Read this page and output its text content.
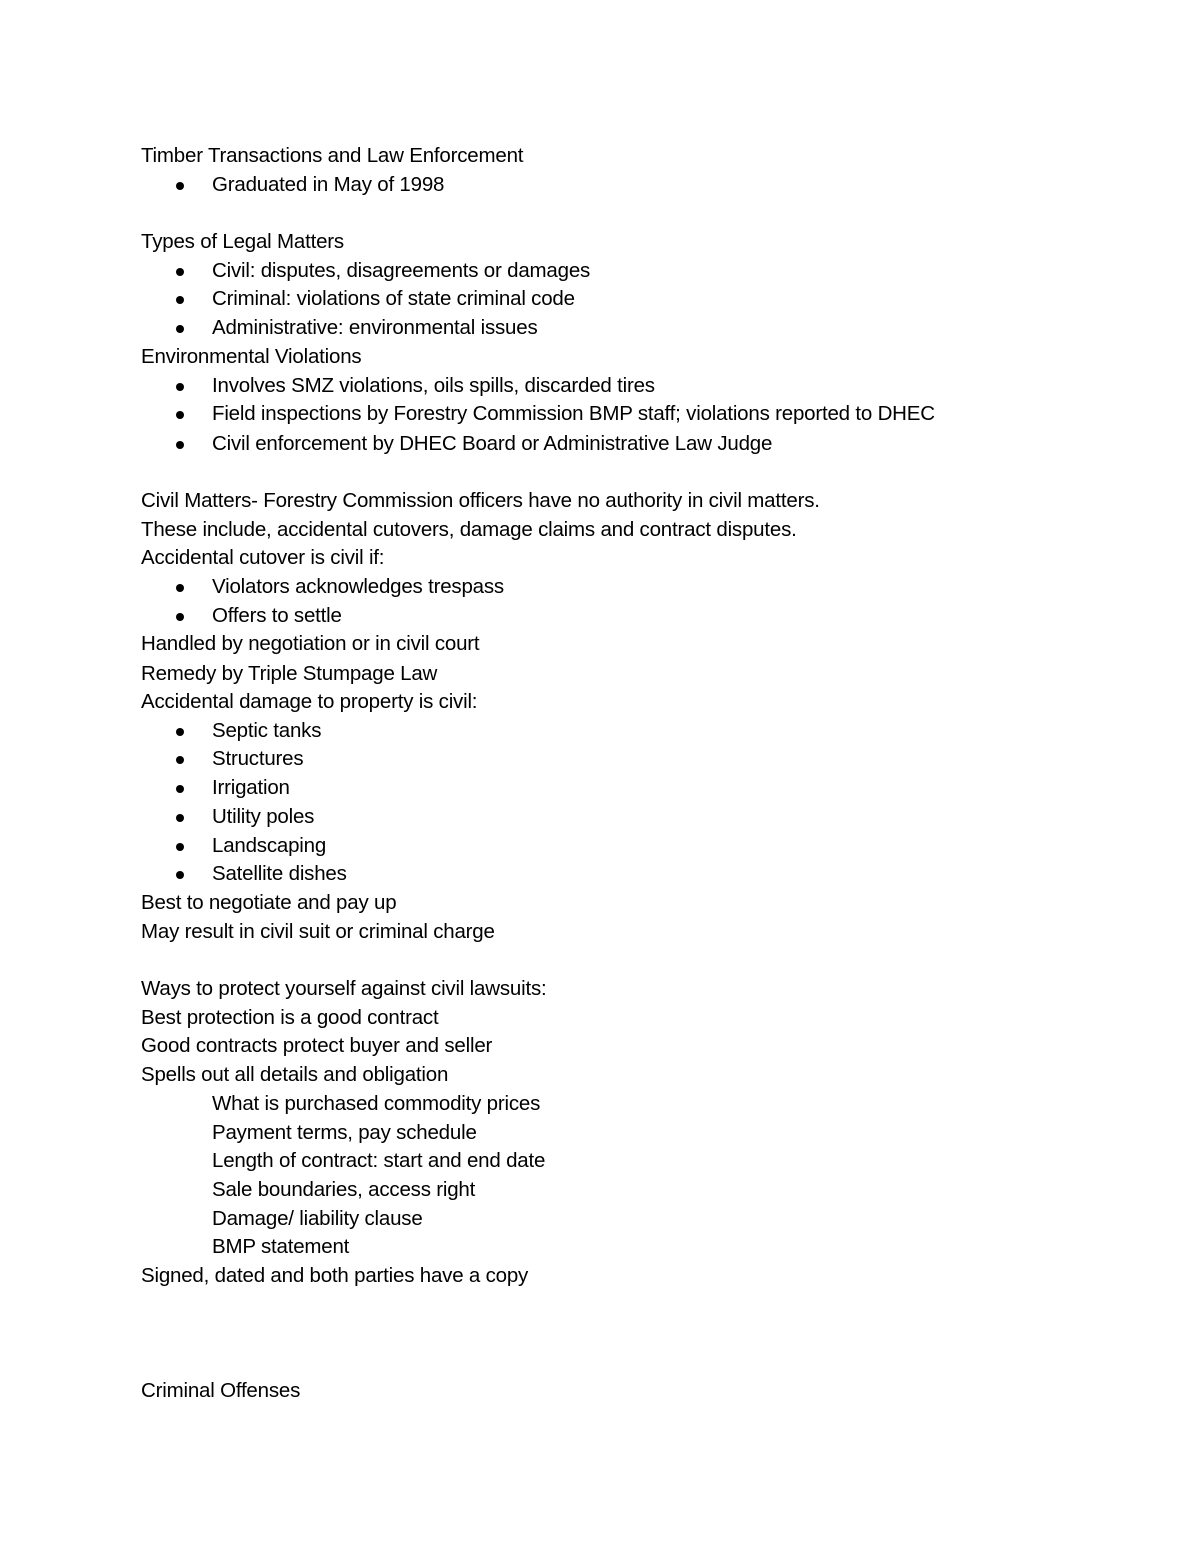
Timber Transactions and Law Enforcement
Graduated in May of 1998
Types of Legal Matters
Civil: disputes, disagreements or damages
Criminal: violations of state criminal code
Administrative: environmental issues
Environmental Violations
Involves SMZ violations, oils spills, discarded tires
Field inspections by Forestry Commission BMP staff; violations reported to DHEC
Civil enforcement by DHEC Board or Administrative Law Judge
Civil Matters- Forestry Commission officers have no authority in civil matters.
These include, accidental cutovers, damage claims and contract disputes.
Accidental cutover is civil if:
Violators acknowledges trespass
Offers to settle
Handled by negotiation or in civil court
Remedy by Triple Stumpage Law
Accidental damage to property is civil:
Septic tanks
Structures
Irrigation
Utility poles
Landscaping
Satellite dishes
Best to negotiate and pay up
May result in civil suit or criminal charge
Ways to protect yourself against civil lawsuits:
Best protection is a good contract
Good contracts protect buyer and seller
Spells out all details and obligation
What is purchased commodity prices
Payment terms, pay schedule
Length of contract: start and end date
Sale boundaries, access right
Damage/ liability clause
BMP statement
Signed, dated and both parties have a copy
Criminal Offenses
